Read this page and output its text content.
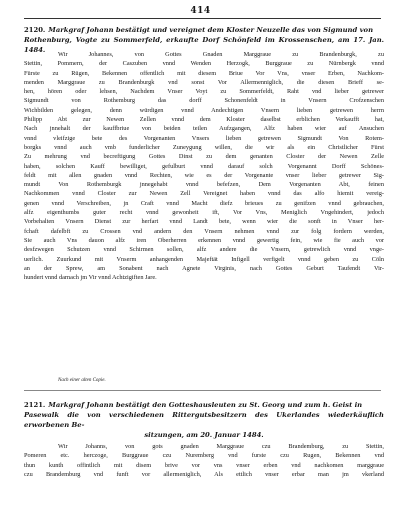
414
2120. Markgraf Johann bestätigt und vereignet dem Kloster Neuzelle das von Sigmund von
Rothenburg, Vogte zu Sommerfeld, erkaufte Dorf Schönfeld im Krossenschen, am 17. Jan. 1484.
Wir Johannes, von Gottes Gnaden Marggraue zu Brandenburgk, zu
Stettin, Pommern, der Caszuben vnnd Wenden Herzogk, Burggraue zu Nürnbergk vnnd
Fürste zu Rügen, Bekennen offentlich mit diesem Briue Vor Vns, vnser Erben, Nachkom-
menden Marggraue zu Brandenburgk vnd sonst Vor Allermenniglich, die diesen Brieff se-
hen, hören oder lehsen, Nachdem Vnser Voyt zu Sommerfeldt, Raht vnd lieber getrewer
Sigmundt von Rothemburg das dorff Schonenfeldt in Vnsern Crofzenschen
Wichbilden gelegen, denn würdigen vnnd Andechtigen Vnsern lieben getrewen herrn
Philipp Abt zur Newen Zellen vnnd dem Kloster daselbst erblichen Verkaufft hat,
Nach jnnehalt der kauffbriue von beiden teilen Aufzgangen, Alfz haben wier auf Ansuchen
vnnd vleifzige bete des Vorgenanten Vnsers lieben getrewen Sigmundt Von Rotem-
borgks vnnd auch vmb funderlicher Zuneygung willen, die wir als ein Christlicher Fürst
Zu mehrung vnd becreftigung Gottes Dinst zu dem genanten Closter der Newen Zelle
haben, solchen Kauff bewilliget, gefulburt vnnd darauf solch Vorgenannt Dorff Schönes-
feldt mit allen gnaden vnnd Rechten, wie es der Vorgenante vnser lieber getrewer Sig-
mundt Von Rothemburgk jnnegehabt vnnd befefzen, Dem Vorgenanten Abt, feinen
Nachkommen vnnd Closter zur Newen Zell Vereignet haben vnnd das alfo hiemit vereig-
genen vnnd Verschreiben, jn Craft vnnd Macht diefz brieues zu genifzen vnnd gebrauchen,
alfz eigenthumbs guter recht vnnd gewonheit ift, Vor Vns, Meniglich Vngehindert, jedoch
Vorbehalten Vnsern Dienst zur herfart vnnd Landt bete, wenn wier die sonft in Vnser her-
fchaft dafelbft zu Crossen vnd andern den Vnsern nehmen vnnd zur folg fordern werden,
Sie auch Vns dauon alfz iren Oberherren erkennen vnnd gewertig fein, wie fie auch vor
desfzwegen Schutzen vnnd Schirmen sollen, alfz andere die Vnsern, getrewlich vnnd vnge-
uerlich. Zuurkund mit Vnserm anhangenden Majeftät Infigell verfigelt vnnd geben zu Cöln
an der Sprew, am Sonabent nach Agnete Virginis, nach Gottes Geburt Taufendt Vir-
hundert vnnd darnach jm Vir vnnd Achtzigiften Jare.
Nach einer alten Copie.
2121. Markgraf Johann bestätigt den Gotteshausleuten zu St. Georg und zum h. Geist in
Pasewalk die von verschiedenen Rittergutsbesitzern des Ukerlandes wiederkäuflich erworbenen Be-
sitzungen, am 20. Januar 1484.
Wir Johanns, von gots gnaden Marggraue czu Brandemburg, zu Stettin,
Pomeren etc. herczoge, Burggraue czu Nuremberg vnd furste czu Rugen, Bekennen vnd
thun kunth offintlich mit disem brive vor vns vnser erben vnd nachkomen marggraue
czu Brandemburg vnd funft vor allermeniglich, Als ettlich vnser erbar man jm vkerland
